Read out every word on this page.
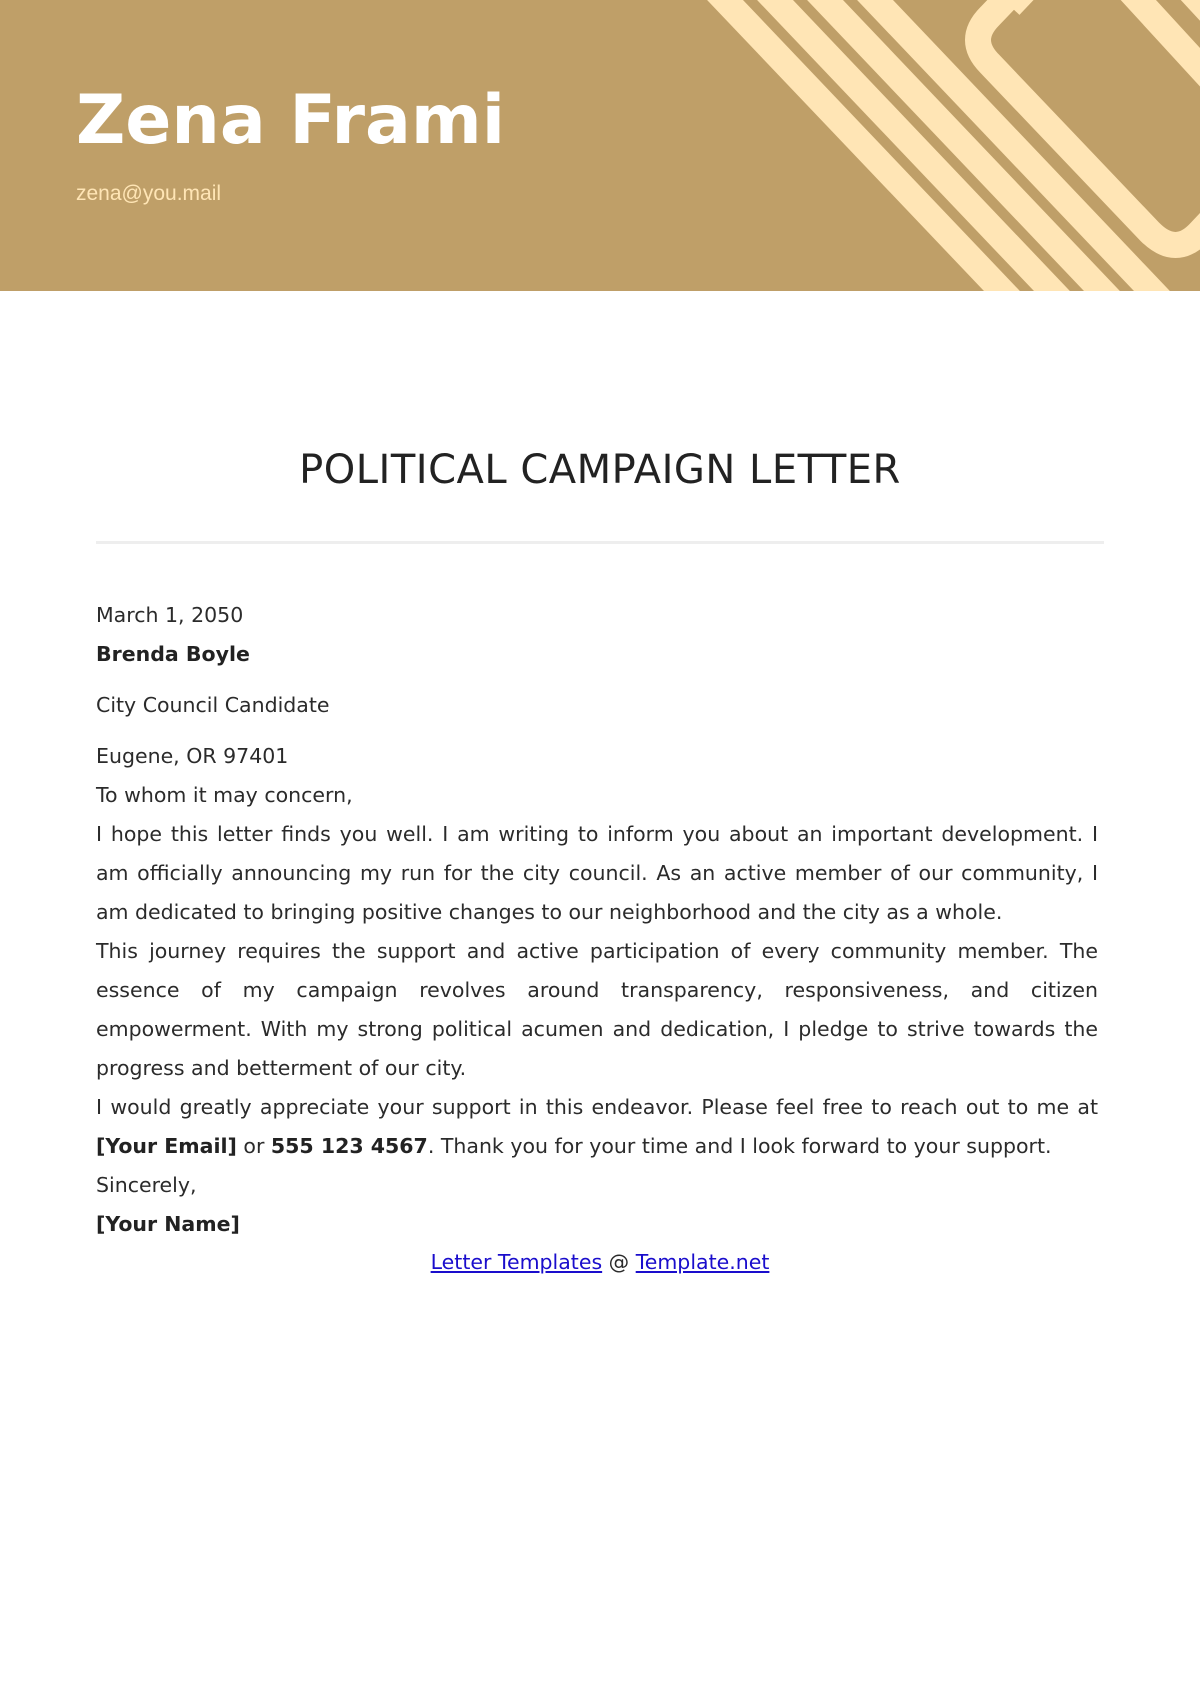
Zena Frami
zena@you.mail
POLITICAL CAMPAIGN LETTER

March 1, 2050

Brenda Boyle

City Council Candidate

Eugene, OR 97401

To whom it may concern,

I hope this letter finds you well. I am writing to inform you about an important development. I am officially announcing my run for the city council. As an active member of our community, I am dedicated to bringing positive changes to our neighborhood and the city as a whole.

This journey requires the support and active participation of every community member. The essence of my campaign revolves around transparency, responsiveness, and citizen empowerment. With my strong political acumen and dedication, I pledge to strive towards the progress and betterment of our city.

I would greatly appreciate your support in this endeavor. Please feel free to reach out to me at [Your Email] or 555 123 4567. Thank you for your time and I look forward to your support.

Sincerely,

[Your Name]

Letter Templates @ Template.net
